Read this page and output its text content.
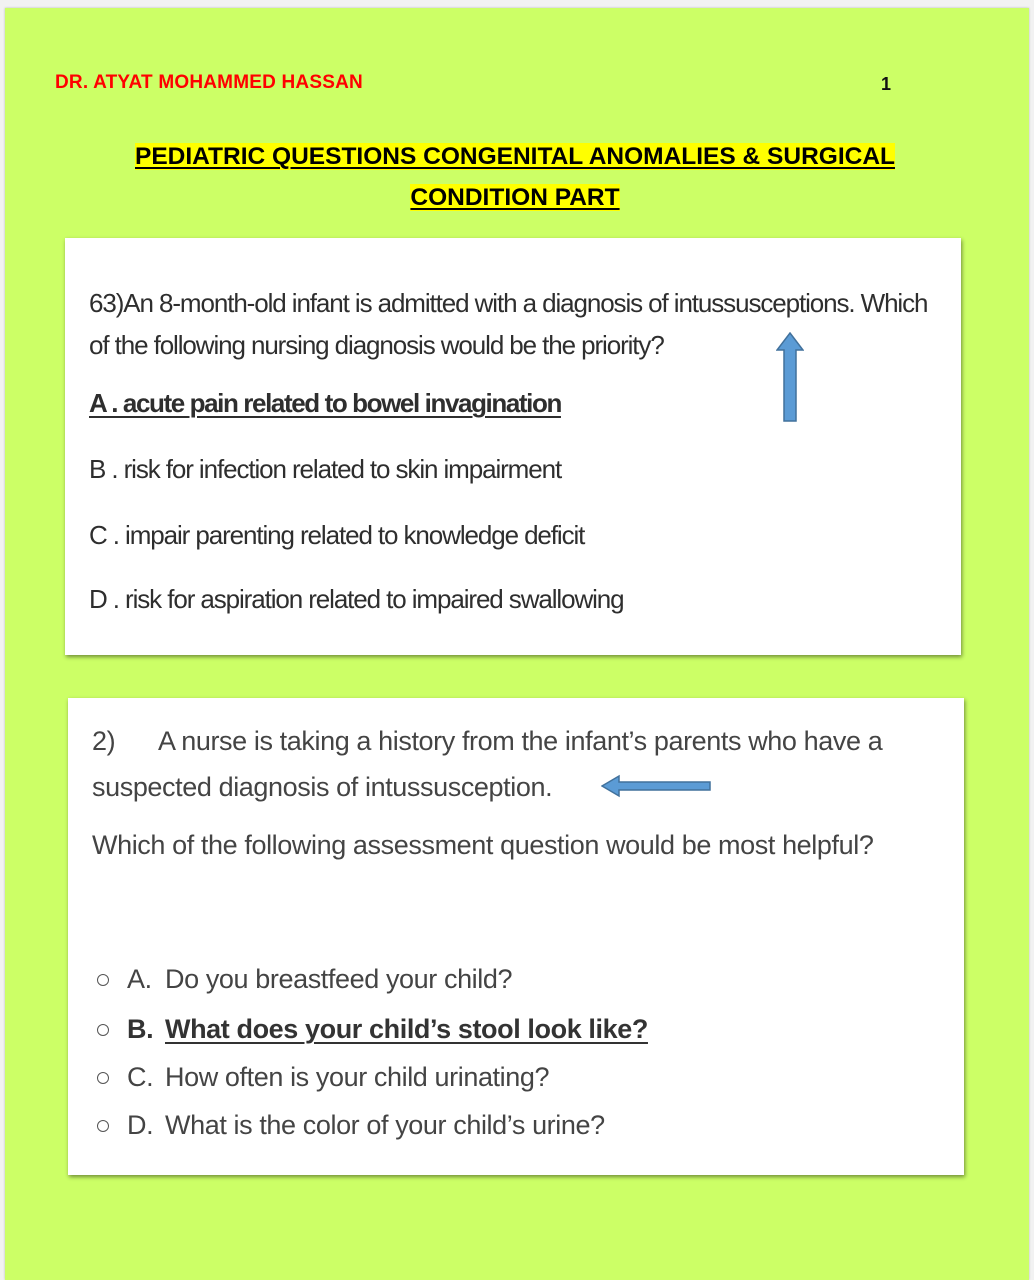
DR. ATYAT MOHAMMED HASSAN	1
PEDIATRIC QUESTIONS CONGENITAL ANOMALIES & SURGICAL
CONDITION PART
63)An 8-month-old infant is admitted with a diagnosis of intussusceptions. Which
of the following nursing diagnosis would be the priority?
A . acute pain related to bowel invagination
B . risk for infection related to skin impairment
C . impair parenting related to knowledge deficit
D . risk for aspiration related to impaired swallowing
2) A nurse is taking a history from the infant’s parents who have a
suspected diagnosis of intussusception.
Which of the following assessment question would be most helpful?
A. Do you breastfeed your child?
B. What does your child’s stool look like?
C. How often is your child urinating?
D. What is the color of your child’s urine?
